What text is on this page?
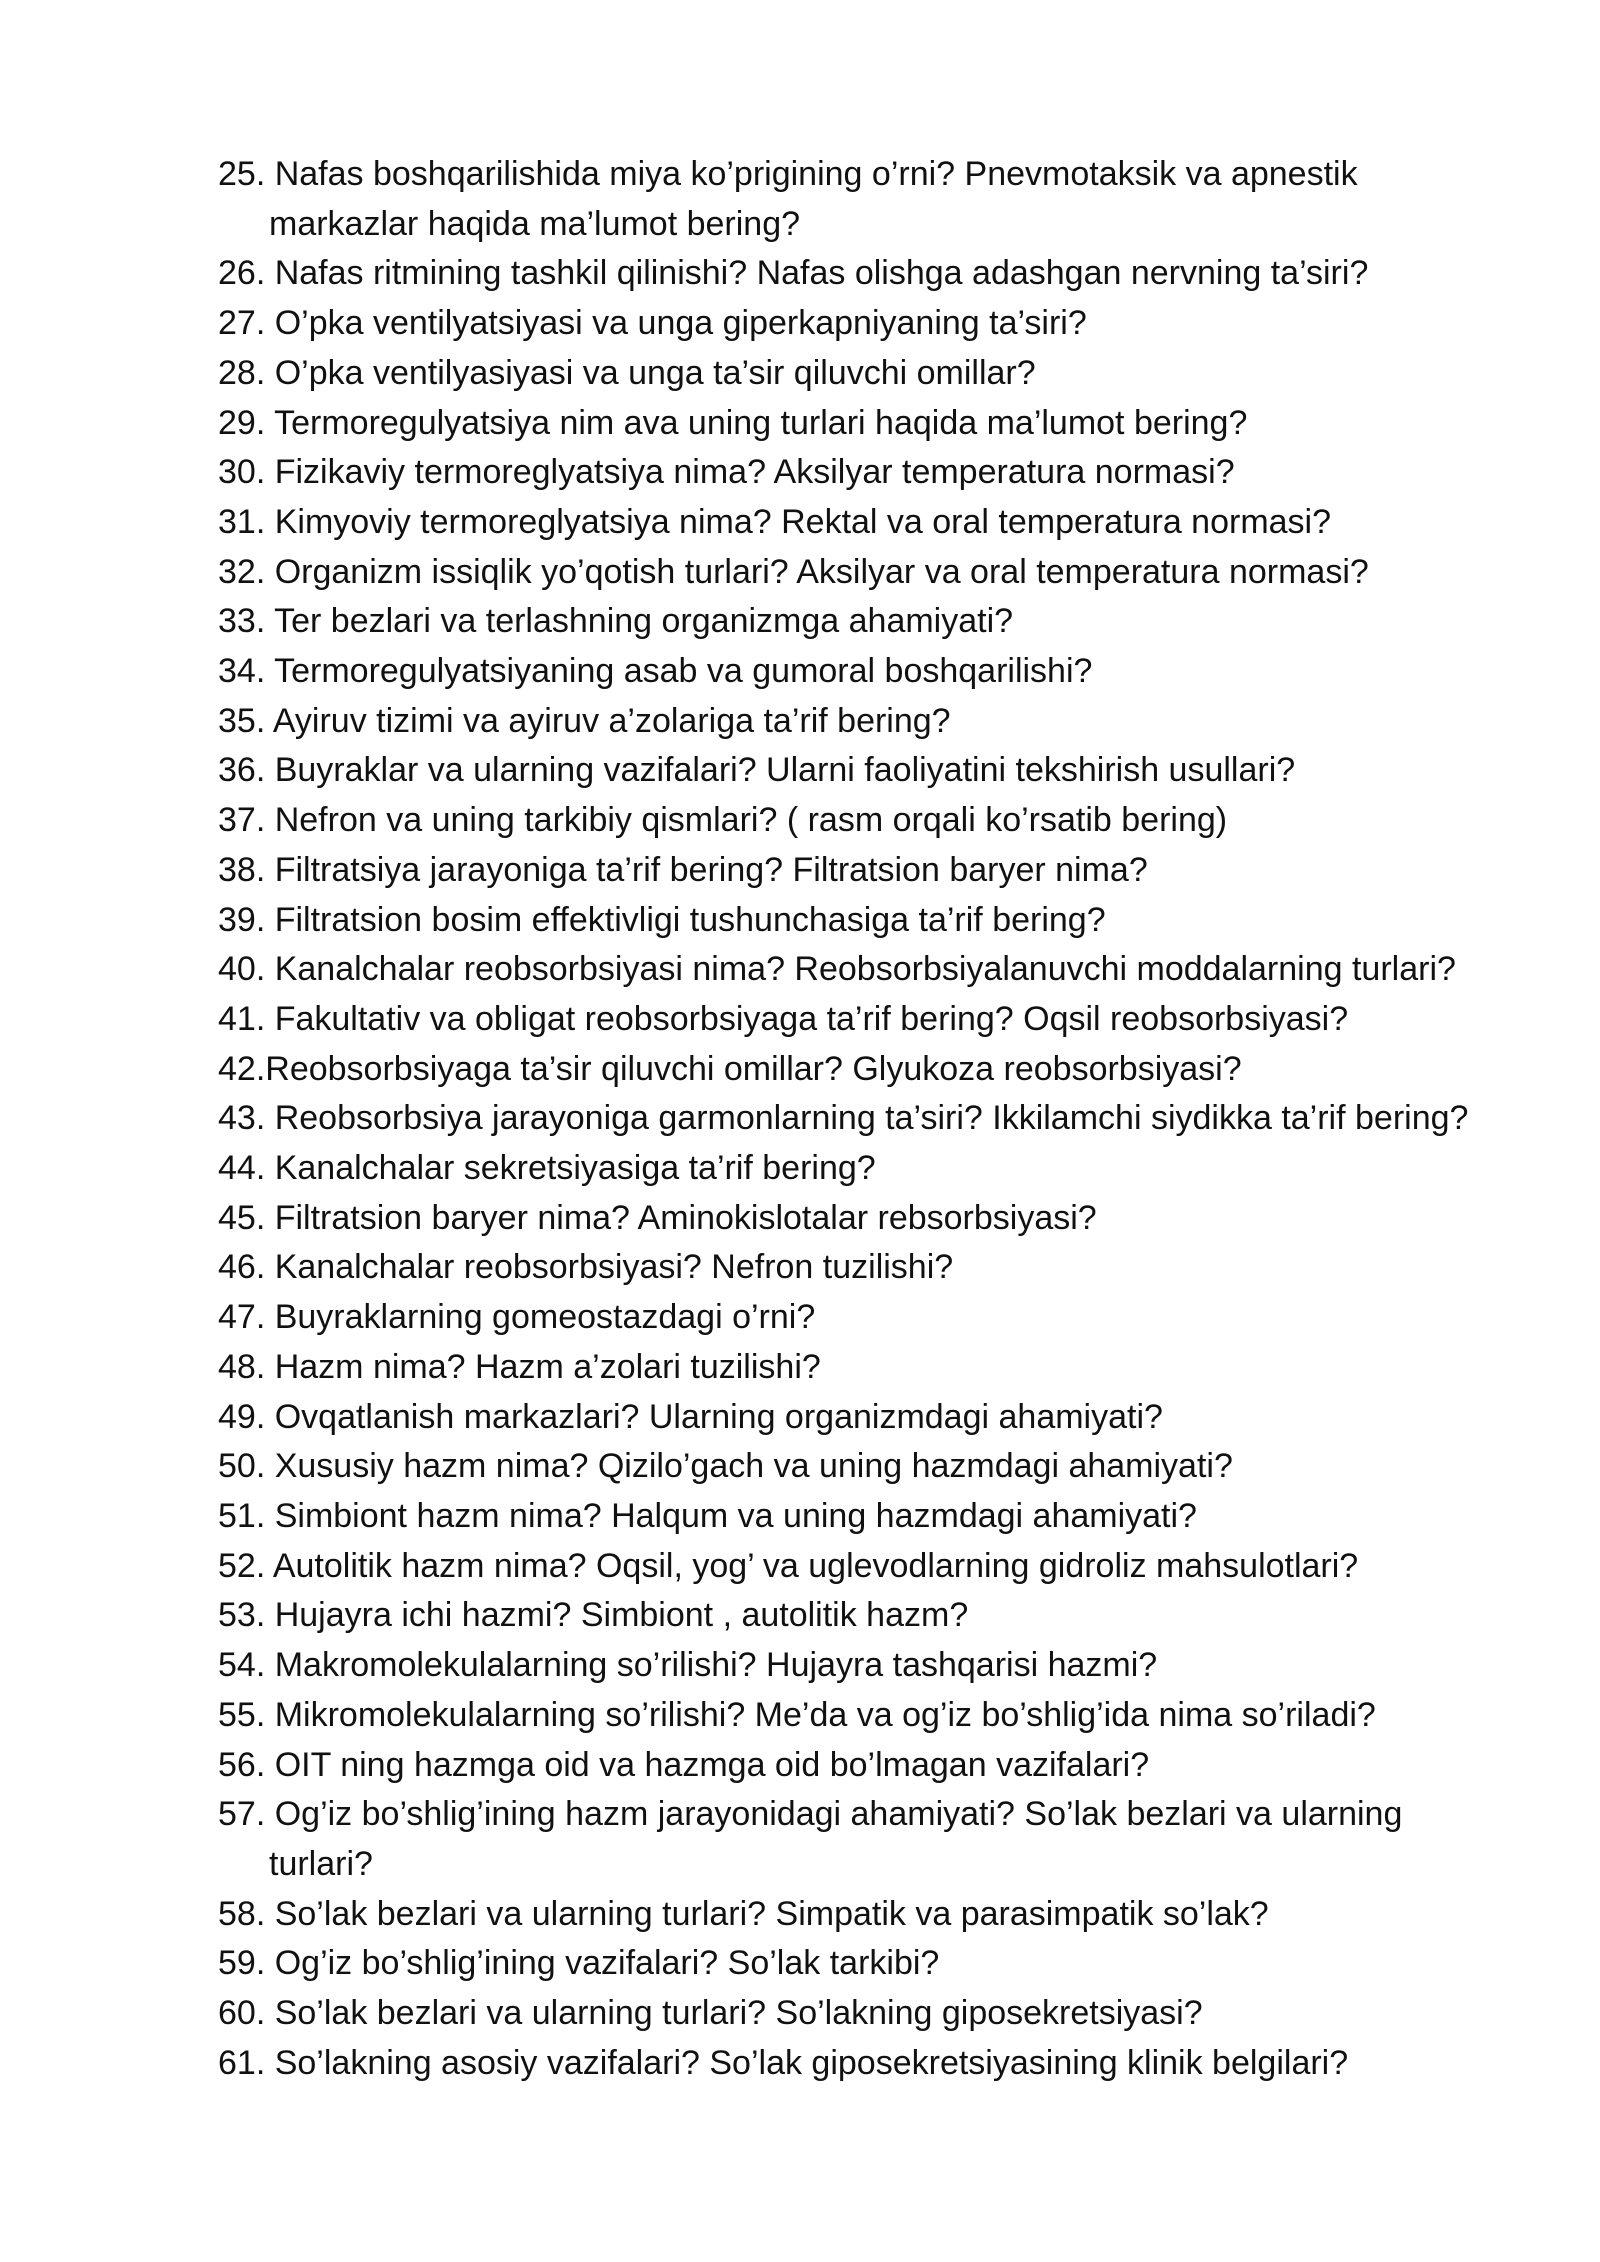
25. Nafas boshqarilishida miya ko’prigining o’rni? Pnevmotaksik va apnestik
markazlar haqida ma’lumot bering?
26. Nafas ritmining tashkil qilinishi? Nafas olishga adashgan nervning ta’siri?
27. O’pka ventilyatsiyasi va unga giperkapniyaning ta’siri?
28. O’pka ventilyasiyasi va unga ta’sir qiluvchi omillar?
29. Termoregulyatsiya nim ava uning turlari haqida ma’lumot bering?
30. Fizikaviy termoreglyatsiya nima? Aksilyar temperatura normasi?
31. Kimyoviy termoreglyatsiya nima? Rektal va oral temperatura normasi?
32. Organizm issiqlik yo’qotish turlari? Aksilyar va oral temperatura normasi?
33. Ter bezlari va terlashning organizmga ahamiyati?
34. Termoregulyatsiyaning asab va gumoral boshqarilishi?
35. Ayiruv tizimi va ayiruv a’zolariga ta’rif bering?
36. Buyraklar va ularning vazifalari? Ularni faoliyatini tekshirish usullari?
37. Nefron va uning tarkibiy qismlari? ( rasm orqali ko’rsatib bering)
38. Filtratsiya jarayoniga ta’rif bering? Filtratsion baryer nima?
39. Filtratsion bosim effektivligi tushunchasiga ta’rif bering?
40. Kanalchalar reobsorbsiyasi nima? Reobsorbsiyalanuvchi moddalarning turlari?
41. Fakultativ va obligat reobsorbsiyaga ta’rif bering? Oqsil reobsorbsiyasi?
42.Reobsorbsiyaga ta’sir qiluvchi omillar? Glyukoza reobsorbsiyasi?
43. Reobsorbsiya jarayoniga garmonlarning ta’siri? Ikkilamchi siydikka ta’rif bering?
44. Kanalchalar sekretsiyasiga ta’rif bering?
45. Filtratsion baryer nima? Aminokislotalar rebsorbsiyasi?
46. Kanalchalar reobsorbsiyasi? Nefron tuzilishi?
47. Buyraklarning gomeostazdagi o’rni?
48. Hazm nima? Hazm a’zolari tuzilishi?
49. Ovqatlanish markazlari? Ularning organizmdagi ahamiyati?
50. Xususiy hazm nima? Qizilo’gach va uning hazmdagi ahamiyati?
51. Simbiont hazm nima? Halqum va uning hazmdagi ahamiyati?
52. Autolitik hazm nima? Oqsil, yog’ va uglevodlarning gidroliz mahsulotlari?
53. Hujayra ichi hazmi? Simbiont , autolitik hazm?
54. Makromolekulalarning so’rilishi? Hujayra tashqarisi hazmi?
55. Mikromolekulalarning so’rilishi? Me’da va og’iz bo’shlig’ida nima so’riladi?
56. OIT ning hazmga oid va hazmga oid bo’lmagan vazifalari?
57. Og’iz bo’shlig’ining hazm jarayonidagi ahamiyati? So’lak bezlari va ularning
turlari?
58. So’lak bezlari va ularning turlari? Simpatik va parasimpatik so’lak?
59. Og’iz bo’shlig’ining vazifalari? So’lak tarkibi?
60. So’lak bezlari va ularning turlari? So’lakning giposekretsiyasi?
61. So’lakning asosiy vazifalari? So’lak giposekretsiyasining klinik belgilari?
